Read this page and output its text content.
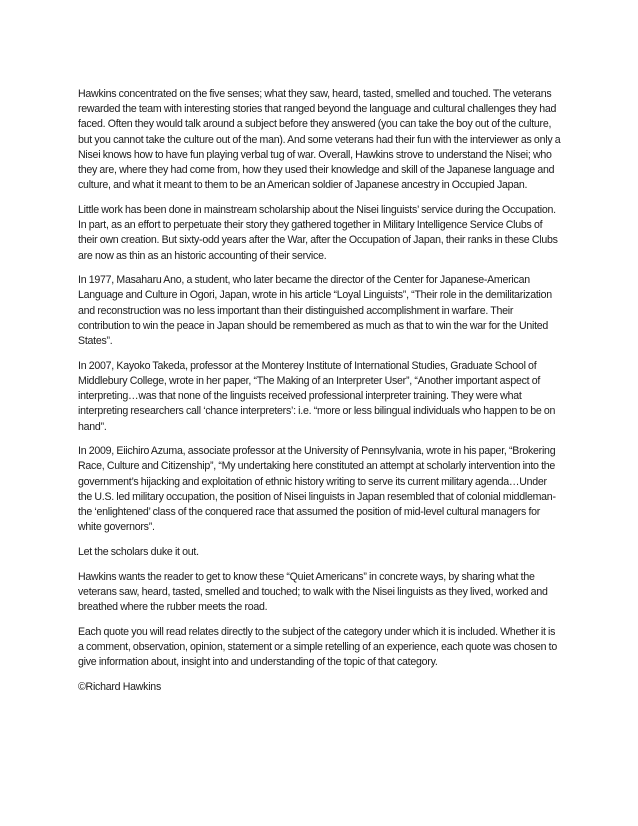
Hawkins concentrated on the five senses; what they saw, heard, tasted, smelled and touched. The veterans rewarded the team with interesting stories that ranged beyond the language and cultural challenges they had faced. Often they would talk around a subject before they answered (you can take the boy out of the culture, but you cannot take the culture out of the man). And some veterans had their fun with the interviewer as only a Nisei knows how to have fun playing verbal tug of war. Overall, Hawkins strove to understand the Nisei; who they are, where they had come from, how they used their knowledge and skill of the Japanese language and culture, and what it meant to them to be an American soldier of Japanese ancestry in Occupied Japan.

Little work has been done in mainstream scholarship about the Nisei linguists’ service during the Occupation. In part, as an effort to perpetuate their story they gathered together in Military Intelligence Service Clubs of their own creation. But sixty-odd years after the War, after the Occupation of Japan, their ranks in these Clubs are now as thin as an historic accounting of their service.

In 1977, Masaharu Ano, a student, who later became the director of the Center for Japanese-American Language and Culture in Ogori, Japan, wrote in his article “Loyal Linguists”, “Their role in the demilitarization and reconstruction was no less important than their distinguished accomplishment in warfare. Their contribution to win the peace in Japan should be remembered as much as that to win the war for the United States”.

In 2007, Kayoko Takeda, professor at the Monterey Institute of International Studies, Graduate School of Middlebury College, wrote in her paper, “The Making of an Interpreter User”, “Another important aspect of interpreting…was that none of the linguists received professional interpreter training. They were what interpreting researchers call ‘chance interpreters’: i.e. “more or less bilingual individuals who happen to be on hand”.

In 2009, Eiichiro Azuma, associate professor at the University of Pennsylvania, wrote in his paper, “Brokering Race, Culture and Citizenship”, “My undertaking here constituted an attempt at scholarly intervention into the government’s hijacking and exploitation of ethnic history writing to serve its current military agenda…Under the U.S. led military occupation, the position of Nisei linguists in Japan resembled that of colonial middleman- the ‘enlightened’ class of the conquered race that assumed the position of mid-level cultural managers for white governors”.

Let the scholars duke it out.

Hawkins wants the reader to get to know these “Quiet Americans” in concrete ways, by sharing what the veterans saw, heard, tasted, smelled and touched; to walk with the Nisei linguists as they lived, worked and breathed where the rubber meets the road.

Each quote you will read relates directly to the subject of the category under which it is included. Whether it is a comment, observation, opinion, statement or a simple retelling of an experience, each quote was chosen to give information about, insight into and understanding of the topic of that category.

©Richard Hawkins
